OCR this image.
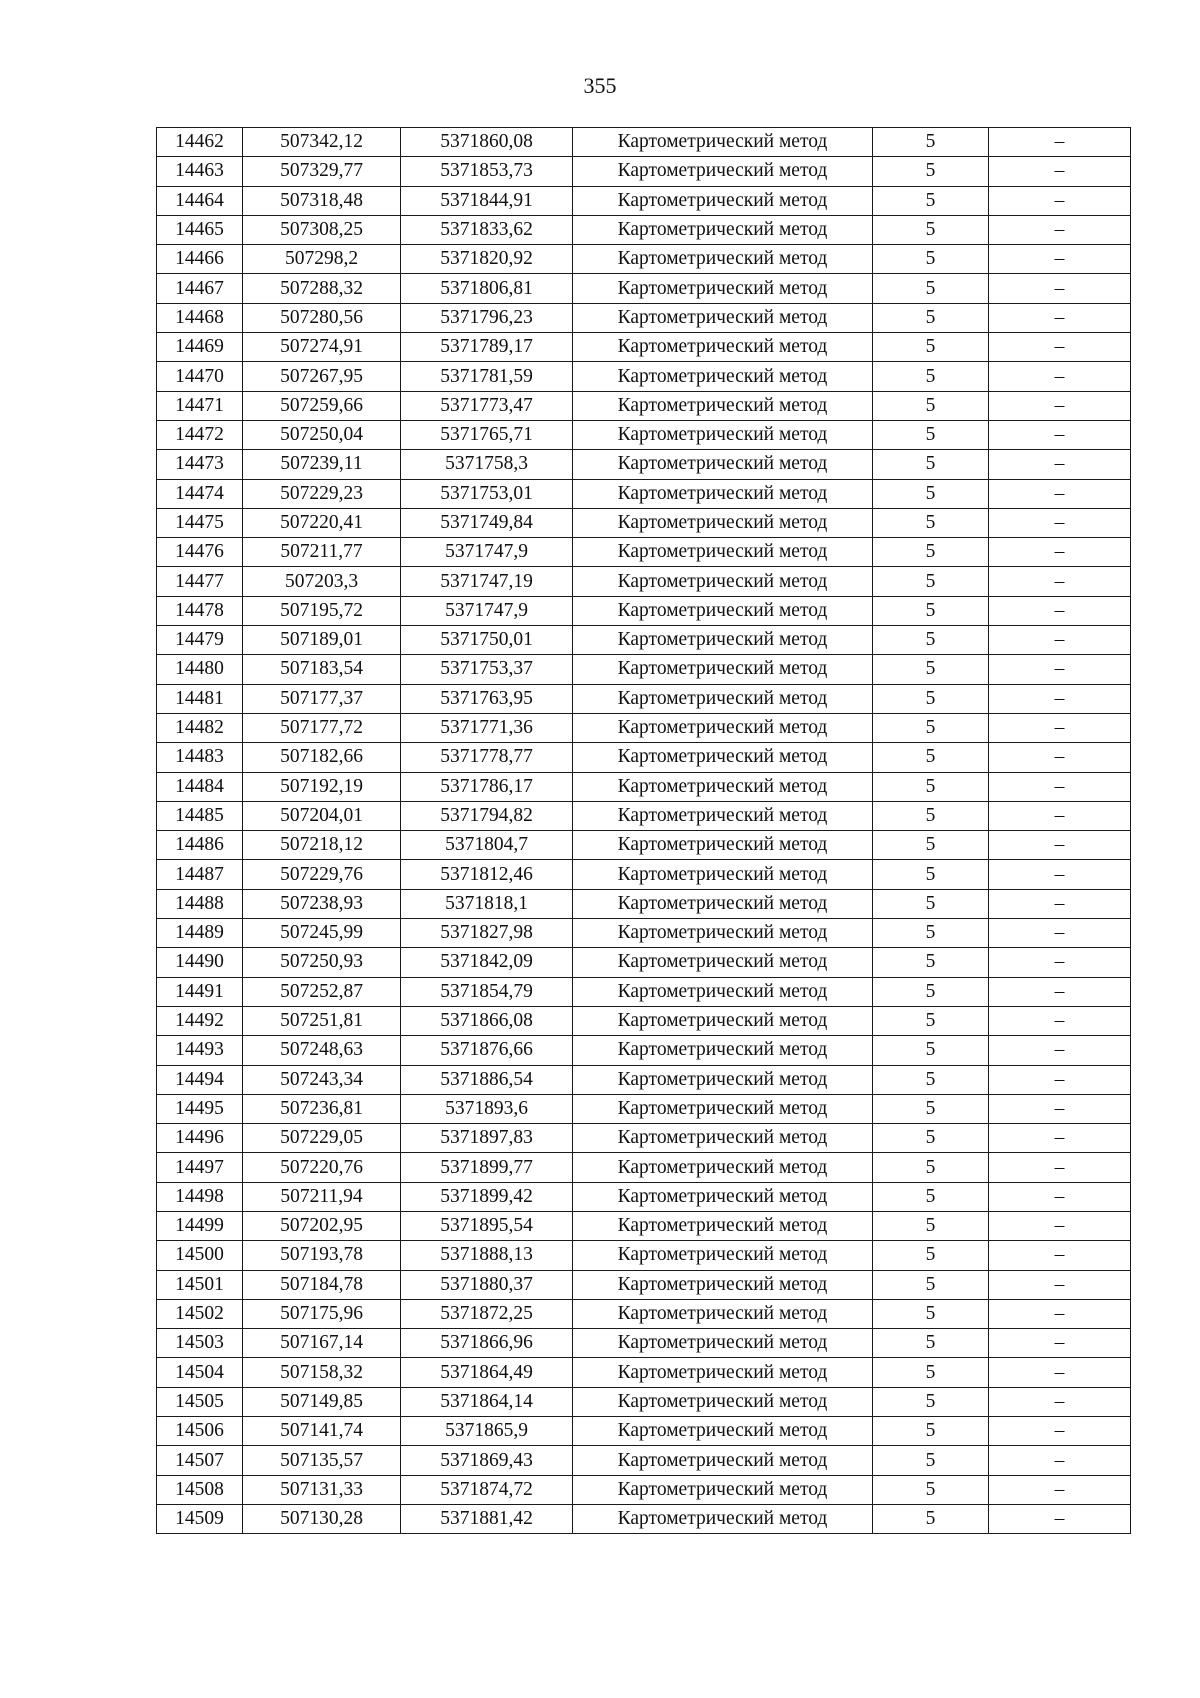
355
14462	507342,12	5371860,08	Картометрический метод	5	–
14463	507329,77	5371853,73	Картометрический метод	5	–
14464	507318,48	5371844,91	Картометрический метод	5	–
14465	507308,25	5371833,62	Картометрический метод	5	–
14466	507298,2	5371820,92	Картометрический метод	5	–
14467	507288,32	5371806,81	Картометрический метод	5	–
14468	507280,56	5371796,23	Картометрический метод	5	–
14469	507274,91	5371789,17	Картометрический метод	5	–
14470	507267,95	5371781,59	Картометрический метод	5	–
14471	507259,66	5371773,47	Картометрический метод	5	–
14472	507250,04	5371765,71	Картометрический метод	5	–
14473	507239,11	5371758,3	Картометрический метод	5	–
14474	507229,23	5371753,01	Картометрический метод	5	–
14475	507220,41	5371749,84	Картометрический метод	5	–
14476	507211,77	5371747,9	Картометрический метод	5	–
14477	507203,3	5371747,19	Картометрический метод	5	–
14478	507195,72	5371747,9	Картометрический метод	5	–
14479	507189,01	5371750,01	Картометрический метод	5	–
14480	507183,54	5371753,37	Картометрический метод	5	–
14481	507177,37	5371763,95	Картометрический метод	5	–
14482	507177,72	5371771,36	Картометрический метод	5	–
14483	507182,66	5371778,77	Картометрический метод	5	–
14484	507192,19	5371786,17	Картометрический метод	5	–
14485	507204,01	5371794,82	Картометрический метод	5	–
14486	507218,12	5371804,7	Картометрический метод	5	–
14487	507229,76	5371812,46	Картометрический метод	5	–
14488	507238,93	5371818,1	Картометрический метод	5	–
14489	507245,99	5371827,98	Картометрический метод	5	–
14490	507250,93	5371842,09	Картометрический метод	5	–
14491	507252,87	5371854,79	Картометрический метод	5	–
14492	507251,81	5371866,08	Картометрический метод	5	–
14493	507248,63	5371876,66	Картометрический метод	5	–
14494	507243,34	5371886,54	Картометрический метод	5	–
14495	507236,81	5371893,6	Картометрический метод	5	–
14496	507229,05	5371897,83	Картометрический метод	5	–
14497	507220,76	5371899,77	Картометрический метод	5	–
14498	507211,94	5371899,42	Картометрический метод	5	–
14499	507202,95	5371895,54	Картометрический метод	5	–
14500	507193,78	5371888,13	Картометрический метод	5	–
14501	507184,78	5371880,37	Картометрический метод	5	–
14502	507175,96	5371872,25	Картометрический метод	5	–
14503	507167,14	5371866,96	Картометрический метод	5	–
14504	507158,32	5371864,49	Картометрический метод	5	–
14505	507149,85	5371864,14	Картометрический метод	5	–
14506	507141,74	5371865,9	Картометрический метод	5	–
14507	507135,57	5371869,43	Картометрический метод	5	–
14508	507131,33	5371874,72	Картометрический метод	5	–
14509	507130,28	5371881,42	Картометрический метод	5	–
